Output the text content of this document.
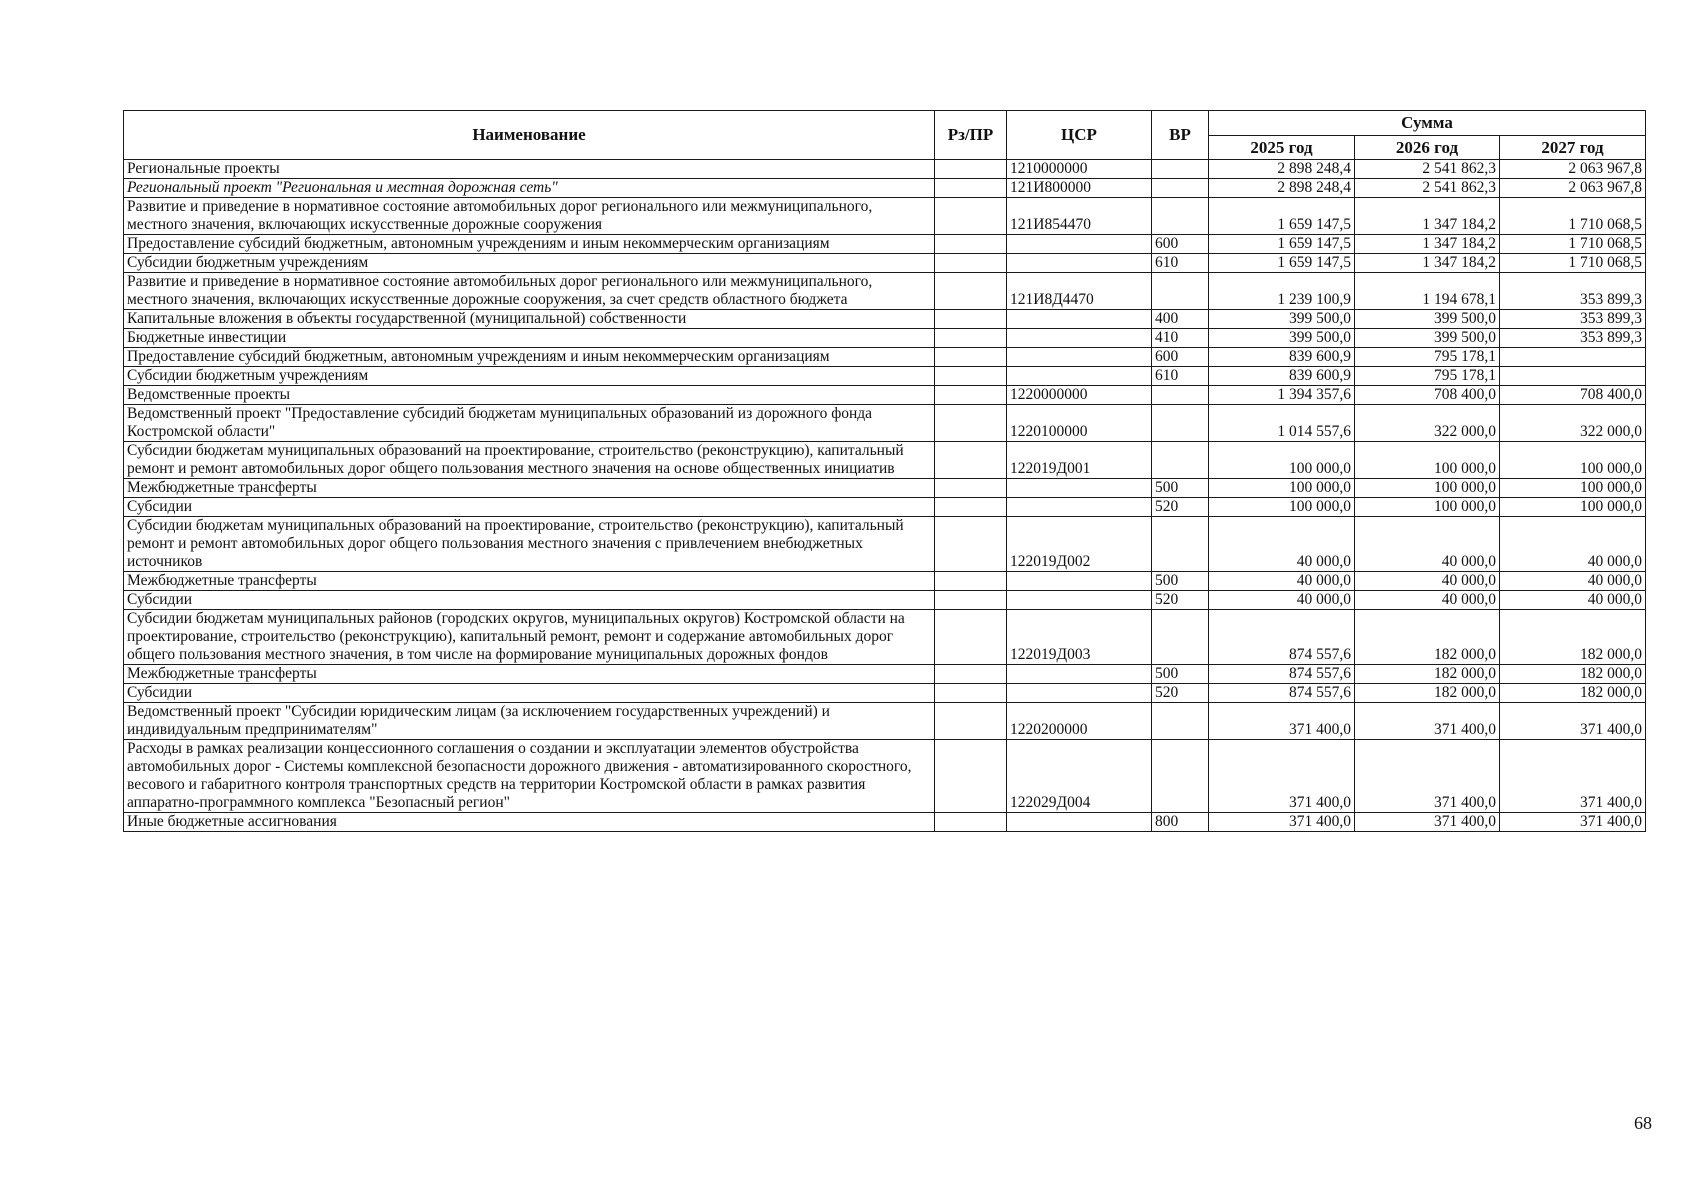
Наименование	Рз/ПР	ЦСР	ВР	Сумма		
				2025 год	2026 год	2027 год
Региональные проекты		1210000000		2 898 248,4	2 541 862,3	2 063 967,8
Региональный проект "Региональная и местная дорожная сеть"		121И800000		2 898 248,4	2 541 862,3	2 063 967,8
Развитие и приведение в нормативное состояние автомобильных дорог регионального или межмуниципального, местного значения, включающих искусственные дорожные сооружения		121И854470		1 659 147,5	1 347 184,2	1 710 068,5
Предоставление субсидий бюджетным, автономным учреждениям и иным некоммерческим организациям			600	1 659 147,5	1 347 184,2	1 710 068,5
Субсидии бюджетным учреждениям			610	1 659 147,5	1 347 184,2	1 710 068,5
Развитие и приведение в нормативное состояние автомобильных дорог регионального или межмуниципального, местного значения, включающих искусственные дорожные сооружения, за счет средств областного бюджета		121И8Д4470		1 239 100,9	1 194 678,1	353 899,3
Капитальные вложения в объекты государственной (муниципальной) собственности			400	399 500,0	399 500,0	353 899,3
Бюджетные инвестиции			410	399 500,0	399 500,0	353 899,3
Предоставление субсидий бюджетным, автономным учреждениям и иным некоммерческим организациям			600	839 600,9	795 178,1	
Субсидии бюджетным учреждениям			610	839 600,9	795 178,1	
Ведомственные проекты		1220000000		1 394 357,6	708 400,0	708 400,0
Ведомственный проект "Предоставление субсидий бюджетам муниципальных образований из дорожного фонда Костромской области"		1220100000		1 014 557,6	322 000,0	322 000,0
Субсидии бюджетам муниципальных образований на проектирование, строительство (реконструкцию), капитальный ремонт и ремонт автомобильных дорог общего пользования местного значения на основе общественных инициатив		122019Д001		100 000,0	100 000,0	100 000,0
Межбюджетные трансферты			500	100 000,0	100 000,0	100 000,0
Субсидии			520	100 000,0	100 000,0	100 000,0
Субсидии бюджетам муниципальных образований на проектирование, строительство (реконструкцию), капитальный ремонт и ремонт автомобильных дорог общего пользования местного значения с привлечением внебюджетных источников		122019Д002		40 000,0	40 000,0	40 000,0
Межбюджетные трансферты			500	40 000,0	40 000,0	40 000,0
Субсидии			520	40 000,0	40 000,0	40 000,0
Субсидии бюджетам муниципальных районов (городских округов, муниципальных округов) Костромской области на проектирование, строительство (реконструкцию), капитальный ремонт, ремонт и содержание автомобильных дорог общего пользования местного значения, в том числе на формирование муниципальных дорожных фондов		122019Д003		874 557,6	182 000,0	182 000,0
Межбюджетные трансферты			500	874 557,6	182 000,0	182 000,0
Субсидии			520	874 557,6	182 000,0	182 000,0
Ведомственный проект "Субсидии юридическим лицам (за исключением государственных учреждений) и индивидуальным предпринимателям"		1220200000		371 400,0	371 400,0	371 400,0
Расходы в рамках реализации концессионного соглашения о создании и эксплуатации элементов обустройства автомобильных дорог - Системы комплексной безопасности дорожного движения - автоматизированного скоростного, весового и габаритного контроля транспортных средств на территории Костромской области в рамках развития аппаратно-программного комплекса "Безопасный регион"		122029Д004		371 400,0	371 400,0	371 400,0
Иные бюджетные ассигнования			800	371 400,0	371 400,0	371 400,0
68
